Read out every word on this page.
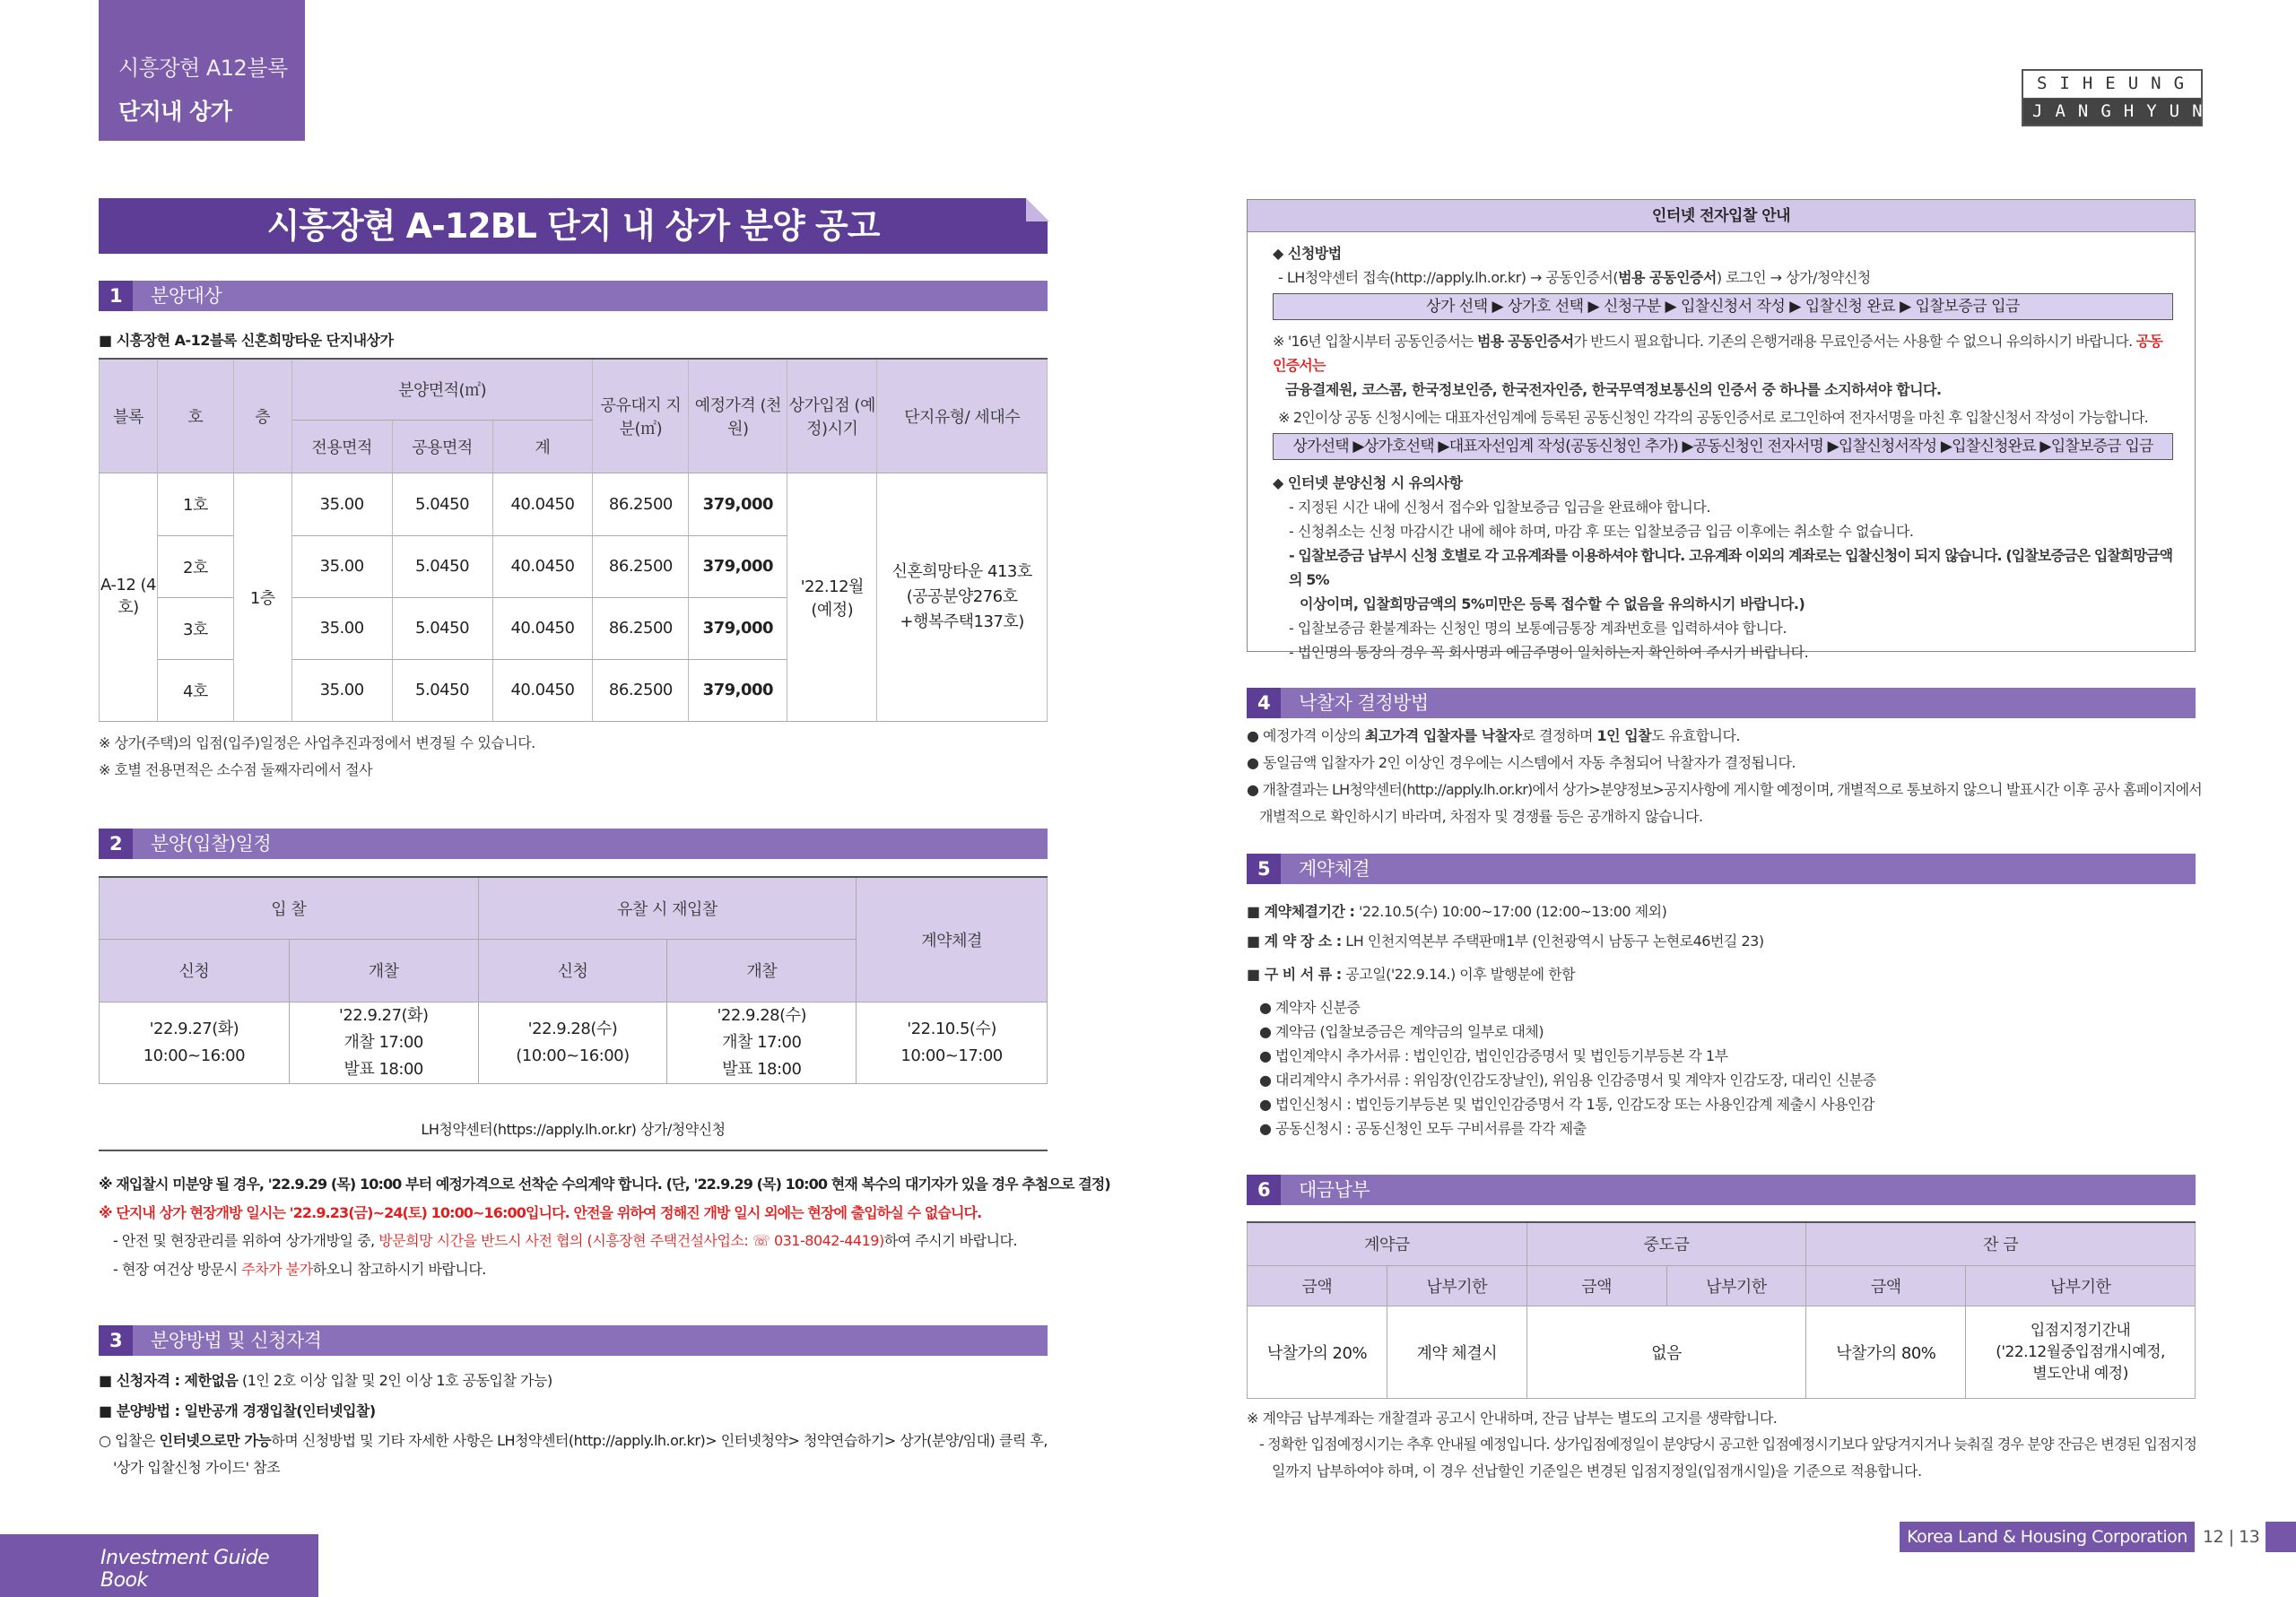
시흥장현 A12블록
단지내 상가
SIHEUNG
JANGHYUN
시흥장현 A-12BL 단지 내 상가 분양 공고
1 분양대상
■ 시흥장현 A-12블록 신혼희망타운 단지내상가
블록	호	층	분양면적(㎡)			공유대지 지분(㎡)	예정가격 (천원)	상가입점 (예정)시기	단지유형/ 세대수
			전용면적	공용면적	계				
A-12 (4호)	1호	1층	35.00	5.0450	40.0450	86.2500	379,000	'22.12월 (예정)	신혼희망타운 413호
(공공분양276호
+행복주택137호)
	2호		35.00	5.0450	40.0450	86.2500	379,000		
	3호		35.00	5.0450	40.0450	86.2500	379,000		
	4호		35.00	5.0450	40.0450	86.2500	379,000		
※ 상가(주택)의 입점(입주)일정은 사업추진과정에서 변경될 수 있습니다.
※ 호별 전용면적은 소수점 둘째자리에서 절사
2 분양(입찰)일정
입 찰		유찰 시 재입찰		계약체결
신청	개찰	신청	개찰	
'22.9.27(화)
10:00~16:00	'22.9.27(화)
개찰 17:00
발표 18:00	'22.9.28(수)
(10:00~16:00)	'22.9.28(수)
개찰 17:00
발표 18:00	'22.10.5(수)
10:00~17:00
LH청약센터(https://apply.lh.or.kr) 상가/청약신청
※ 재입찰시 미분양 될 경우, '22.9.29 (목) 10:00 부터 예정가격으로 선착순 수의계약 합니다. (단, '22.9.29 (목) 10:00 현재 복수의 대기자가 있을 경우 추첨으로 결정)
※ 단지내 상가 현장개방 일시는 '22.9.23(금)~24(토) 10:00~16:00입니다. 안전을 위하여 정해진 개방 일시 외에는 현장에 출입하실 수 없습니다.
- 안전 및 현장관리를 위하여 상가개방일 중, 방문희망 시간을 반드시 사전 협의 (시흥장현 주택건설사업소: ☏ 031-8042-4419)하여 주시기 바랍니다.
- 현장 여건상 방문시 주차가 불가하오니 참고하시기 바랍니다.
3 분양방법 및 신청자격
■ 신청자격 : 제한없음 (1인 2호 이상 입찰 및 2인 이상 1호 공동입찰 가능)
■ 분양방법 : 일반공개 경쟁입찰(인터넷입찰)
○ 입찰은 인터넷으로만 가능하며 신청방법 및 기타 자세한 사항은 LH청약센터(http://apply.lh.or.kr)> 인터넷청약> 청약연습하기> 상가(분양/임대) 클릭 후,
'상가 입찰신청 가이드' 참조
인터넷 전자입찰 안내
◆ 신청방법
- LH청약센터 접속(http://apply.lh.or.kr) → 공동인증서(범용 공동인증서) 로그인 → 상가/청약신청
상가 선택 ▶ 상가호 선택 ▶ 신청구분 ▶ 입찰신청서 작성 ▶ 입찰신청 완료 ▶ 입찰보증금 입금
※ '16년 입찰시부터 공동인증서는 범용 공동인증서가 반드시 필요합니다. 기존의 은행거래용 무료인증서는 사용할 수 없으니 유의하시기 바랍니다. 공동인증서는
금융결제원, 코스콤, 한국정보인증, 한국전자인증, 한국무역정보통신의 인증서 중 하나를 소지하셔야 합니다.
※ 2인이상 공동 신청시에는 대표자선임계에 등록된 공동신청인 각각의 공동인증서로 로그인하여 전자서명을 마친 후 입찰신청서 작성이 가능합니다.
상가선택 ▶상가호선택 ▶대표자선임계 작성(공동신청인 추가) ▶공동신청인 전자서명 ▶입찰신청서작성 ▶입찰신청완료 ▶입찰보증금 입금
◆ 인터넷 분양신청 시 유의사항
- 지정된 시간 내에 신청서 접수와 입찰보증금 입금을 완료해야 합니다.
- 신청취소는 신청 마감시간 내에 해야 하며, 마감 후 또는 입찰보증금 입금 이후에는 취소할 수 없습니다.
- 입찰보증금 납부시 신청 호별로 각 고유계좌를 이용하셔야 합니다. 고유계좌 이외의 계좌로는 입찰신청이 되지 않습니다. (입찰보증금은 입찰희망금액의 5%
이상이며, 입찰희망금액의 5%미만은 등록 접수할 수 없음을 유의하시기 바랍니다.)
- 입찰보증금 환불계좌는 신청인 명의 보통예금통장 계좌번호를 입력하셔야 합니다.
- 법인명의 통장의 경우 꼭 회사명과 예금주명이 일치하는지 확인하여 주시기 바랍니다.
4 낙찰자 결정방법
● 예정가격 이상의 최고가격 입찰자를 낙찰자로 결정하며 1인 입찰도 유효합니다.
● 동일금액 입찰자가 2인 이상인 경우에는 시스템에서 자동 추첨되어 낙찰자가 결정됩니다.
● 개찰결과는 LH청약센터(http://apply.lh.or.kr)에서 상가>분양정보>공지사항에 게시할 예정이며, 개별적으로 통보하지 않으니 발표시간 이후 공사 홈페이지에서
개별적으로 확인하시기 바라며, 차점자 및 경쟁률 등은 공개하지 않습니다.
5 계약체결
■ 계약체결기간 : '22.10.5(수) 10:00~17:00 (12:00~13:00 제외)
■ 계 약 장 소 : LH 인천지역본부 주택판매1부 (인천광역시 남동구 논현로46번길 23)
■ 구 비 서 류 : 공고일('22.9.14.) 이후 발행분에 한함
● 계약자 신분증
● 계약금 (입찰보증금은 계약금의 일부로 대체)
● 법인계약시 추가서류 : 법인인감, 법인인감증명서 및 법인등기부등본 각 1부
● 대리계약시 추가서류 : 위임장(인감도장날인), 위임용 인감증명서 및 계약자 인감도장, 대리인 신분증
● 법인신청시 : 법인등기부등본 및 법인인감증명서 각 1통, 인감도장 또는 사용인감계 제출시 사용인감
● 공동신청시 : 공동신청인 모두 구비서류를 각각 제출
6 대금납부
계약금		중도금		잔 금	
금액	납부기한	금액	납부기한	금액	납부기한
낙찰가의 20%	계약 체결시	없음		낙찰가의 80%	입점지정기간내
('22.12월중입점개시예정,
별도안내 예정)
※ 계약금 납부계좌는 개찰결과 공고시 안내하며, 잔금 납부는 별도의 고지를 생략합니다.
- 정확한 입점예정시기는 추후 안내될 예정입니다. 상가입점예정일이 분양당시 공고한 입점예정시기보다 앞당겨지거나 늦춰질 경우 분양 잔금은 변경된 입점지정
일까지 납부하여야 하며, 이 경우 선납할인 기준일은 변경된 입점지정일(입점개시일)을 기준으로 적용합니다.
Investment Guide Book
Korea Land & Housing Corporation 12 | 13
